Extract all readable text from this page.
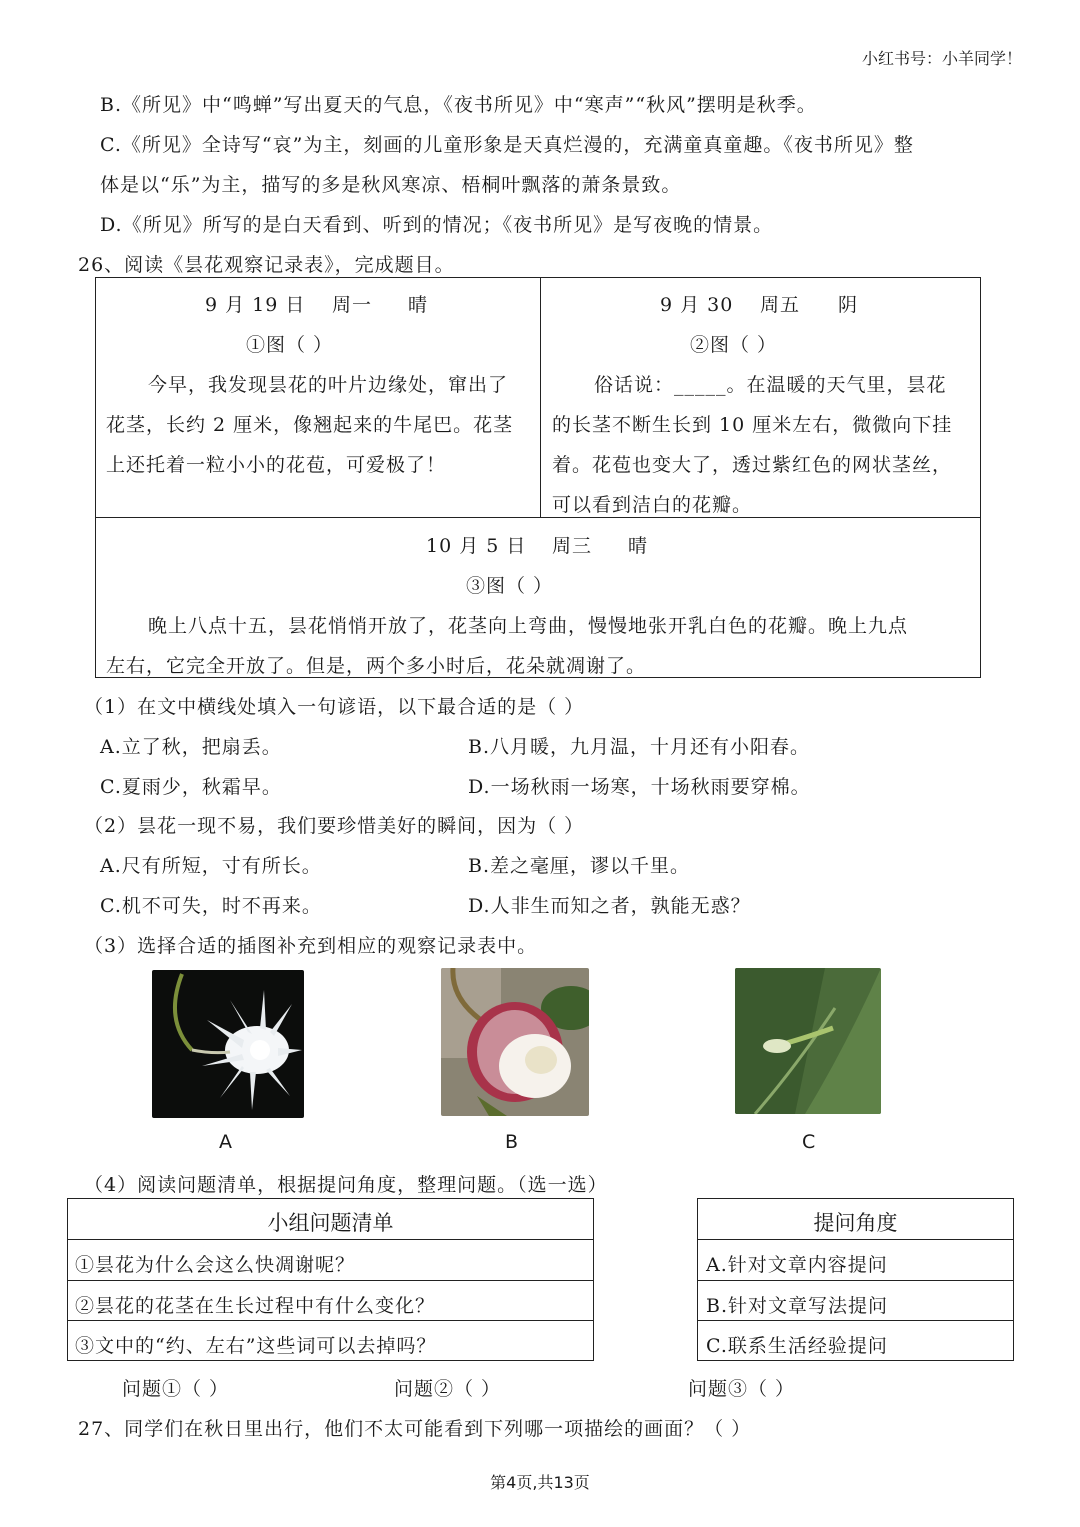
小红书号：小羊同学！
B.《所见》中“鸣蝉”写出夏天的气息，《夜书所见》中“寒声”“秋风”摆明是秋季。
C.《所见》全诗写“哀”为主，刻画的儿童形象是天真烂漫的，充满童真童趣。《夜书所见》整
体是以“乐”为主，描写的多是秋风寒凉、梧桐叶飘落的萧条景致。
D.《所见》所写的是白天看到、听到的情况；《夜书所见》是写夜晚的情景。
26、阅读《昙花观察记录表》，完成题目。
9 月 19 日 周一 晴
①图（ ）
今早，我发现昙花的叶片边缘处，窜出了
花茎，长约 2 厘米，像翘起来的牛尾巴。花茎
上还托着一粒小小的花苞，可爱极了！
9 月 30 周五 阴
②图（ ）
俗话说：_____。在温暖的天气里，昙花
的长茎不断生长到 10 厘米左右，微微向下挂
着。花苞也变大了，透过紫红色的网状茎丝，
可以看到洁白的花瓣。
10 月 5 日 周三 晴
③图（ ）
晚上八点十五，昙花悄悄开放了，花茎向上弯曲，慢慢地张开乳白色的花瓣。晚上九点
左右，它完全开放了。但是，两个多小时后，花朵就凋谢了。
（1）在文中横线处填入一句谚语，以下最合适的是（ ）
A.立了秋，把扇丢。	B.八月暖，九月温，十月还有小阳春。
C.夏雨少，秋霜早。	D.一场秋雨一场寒，十场秋雨要穿棉。
（2）昙花一现不易，我们要珍惜美好的瞬间，因为（ ）
A.尺有所短，寸有所长。	B.差之毫厘，谬以千里。
C.机不可失，时不再来。	D.人非生而知之者，孰能无惑？
（3）选择合适的插图补充到相应的观察记录表中。
A	B	C
（4）阅读问题清单，根据提问角度，整理问题。（选一选）
小组问题清单
①昙花为什么会这么快凋谢呢？
②昙花的花茎在生长过程中有什么变化？
③文中的“约、左右”这些词可以去掉吗？
提问角度
A.针对文章内容提问
B.针对文章写法提问
C.联系生活经验提问
问题①（ ）	问题②（ ）	问题③（ ）
27、同学们在秋日里出行，他们不太可能看到下列哪一项描绘的画面？（ ）
第4页,共13页
